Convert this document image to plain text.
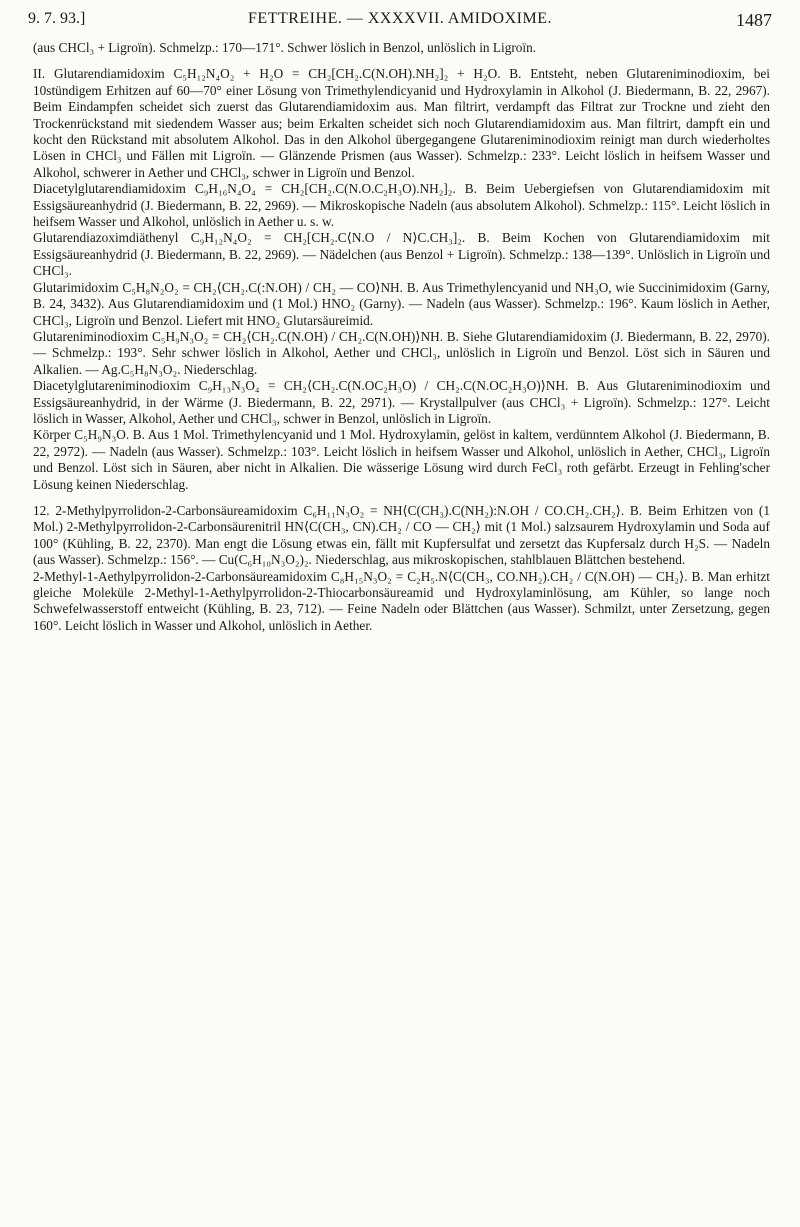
9. 7. 93.]	FETTREIHE. — XXXXVII. AMIDOXIME.	1487

(aus CHCl₃ + Ligroïn). Schmelzp.: 170—171°. Schwer löslich in Benzol, unlöslich in Ligroïn.

II. Glutarendiamidoxim C₅H₁₂N₄O₂ + H₂O = CH₂[CH₂.C(N.OH).NH₂]₂ + H₂O. B. Entsteht, neben Glutareniminodioxim, bei 10stündigem Erhitzen auf 60—70° einer Lösung von Trimethylendicyanid und Hydroxylamin in Alkohol (J. Biedermann, B. 22, 2967). Beim Eindampfen scheidet sich zuerst das Glutarendiamidoxim aus. Man filtrirt, verdampft das Filtrat zur Trockne und zieht den Trockenrückstand mit siedendem Wasser aus; beim Erkalten scheidet sich noch Glutarendiamidoxim aus. Man filtrirt, dampft ein und kocht den Rückstand mit absolutem Alkohol. Das in den Alkohol übergegangene Glutareniminodioxim reinigt man durch wiederholtes Lösen in CHCl₃ und Fällen mit Ligroïn. — Glänzende Prismen (aus Wasser). Schmelzp.: 233°. Leicht löslich in heifsem Wasser und Alkohol, schwerer in Aether und CHCl₃, schwer in Ligroïn und Benzol.

Diacetylglutarendiamidoxim C₉H₁₆N₄O₄ = CH₂[CH₂.C(N.O.C₂H₃O).NH₂]₂. B. Beim Uebergiefsen von Glutarendiamidoxim mit Essigsäureanhydrid (J. Biedermann, B. 22, 2969). — Mikroskopische Nadeln (aus absolutem Alkohol). Schmelzp.: 115°. Leicht löslich in heifsem Wasser und Alkohol, unlöslich in Aether u. s. w.

Glutarendiazoximdiäthenyl C₉H₁₂N₄O₂ = CH₂[CH₂.C⟨N.O / N⟩C.CH₃]₂. B. Beim Kochen von Glutarendiamidoxim mit Essigsäureanhydrid (J. Biedermann, B. 22, 2969). — Nädelchen (aus Benzol + Ligroïn). Schmelzp.: 138—139°. Unlöslich in Ligroïn und CHCl₃.

Glutarimidoxim C₅H₈N₂O₂ = CH₂⟨CH₂.C(:N.OH) / CH₂ — CO⟩NH. B. Aus Trimethylencyanid und NH₃O, wie Succinimidoxim (Garny, B. 24, 3432). Aus Glutarendiamidoxim und (1 Mol.) HNO₂ (Garny). — Nadeln (aus Wasser). Schmelzp.: 196°. Kaum löslich in Aether, CHCl₃, Ligroïn und Benzol. Liefert mit HNO₂ Glutarsäureimid.

Glutareniminodioxim C₅H₉N₃O₂ = CH₂⟨CH₂.C(N.OH) / CH₂.C(N.OH)⟩NH. B. Siehe Glutarendiamidoxim (J. Biedermann, B. 22, 2970). — Schmelzp.: 193°. Sehr schwer löslich in Alkohol, Aether und CHCl₃, unlöslich in Ligroïn und Benzol. Löst sich in Säuren und Alkalien. — Ag.C₅H₈N₃O₂. Niederschlag.

Diacetylglutareniminodioxim C₉H₁₃N₃O₄ = CH₂⟨CH₂.C(N.OC₂H₃O) / CH₂.C(N.OC₂H₃O)⟩NH. B. Aus Glutareniminodioxim und Essigsäureanhydrid, in der Wärme (J. Biedermann, B. 22, 2971). — Krystallpulver (aus CHCl₃ + Ligroïn). Schmelzp.: 127°. Leicht löslich in Wasser, Alkohol, Aether und CHCl₃, schwer in Benzol, unlöslich in Ligroïn.

Körper C₅H₉N₃O. B. Aus 1 Mol. Trimethylencyanid und 1 Mol. Hydroxylamin, gelöst in kaltem, verdünntem Alkohol (J. Biedermann, B. 22, 2972). — Nadeln (aus Wasser). Schmelzp.: 103°. Leicht löslich in heifsem Wasser und Alkohol, unlöslich in Aether, CHCl₃, Ligroïn und Benzol. Löst sich in Säuren, aber nicht in Alkalien. Die wässerige Lösung wird durch FeCl₃ roth gefärbt. Erzeugt in Fehling'scher Lösung keinen Niederschlag.

12. 2-Methylpyrrolidon-2-Carbonsäureamidoxim C₆H₁₁N₃O₂ = NH⟨C(CH₃).C(NH₂):N.OH / CO.CH₂.CH₂⟩. B. Beim Erhitzen von (1 Mol.) 2-Methylpyrrolidon-2-Carbonsäurenitril HN⟨C(CH₃, CN).CH₂ / CO — CH₂⟩ mit (1 Mol.) salzsaurem Hydroxylamin und Soda auf 100° (Kühling, B. 22, 2370). Man engt die Lösung etwas ein, fällt mit Kupfersulfat und zersetzt das Kupfersalz durch H₂S. — Nadeln (aus Wasser). Schmelzp.: 156°. — Cu(C₆H₁₀N₃O₂)₂. Niederschlag, aus mikroskopischen, stahlblauen Blättchen bestehend.

2-Methyl-1-Aethylpyrrolidon-2-Carbonsäureamidoxim C₈H₁₅N₃O₂ = C₂H₅.N⟨C(CH₃, CO.NH₂).CH₂ / C(N.OH) — CH₂⟩. B. Man erhitzt gleiche Moleküle 2-Methyl-1-Aethylpyrrolidon-2-Thiocarbonsäureamid und Hydroxylaminlösung, am Kühler, so lange noch Schwefelwasserstoff entweicht (Kühling, B. 23, 712). — Feine Nadeln oder Blättchen (aus Wasser). Schmilzt, unter Zersetzung, gegen 160°. Leicht löslich in Wasser und Alkohol, unlöslich in Aether.
